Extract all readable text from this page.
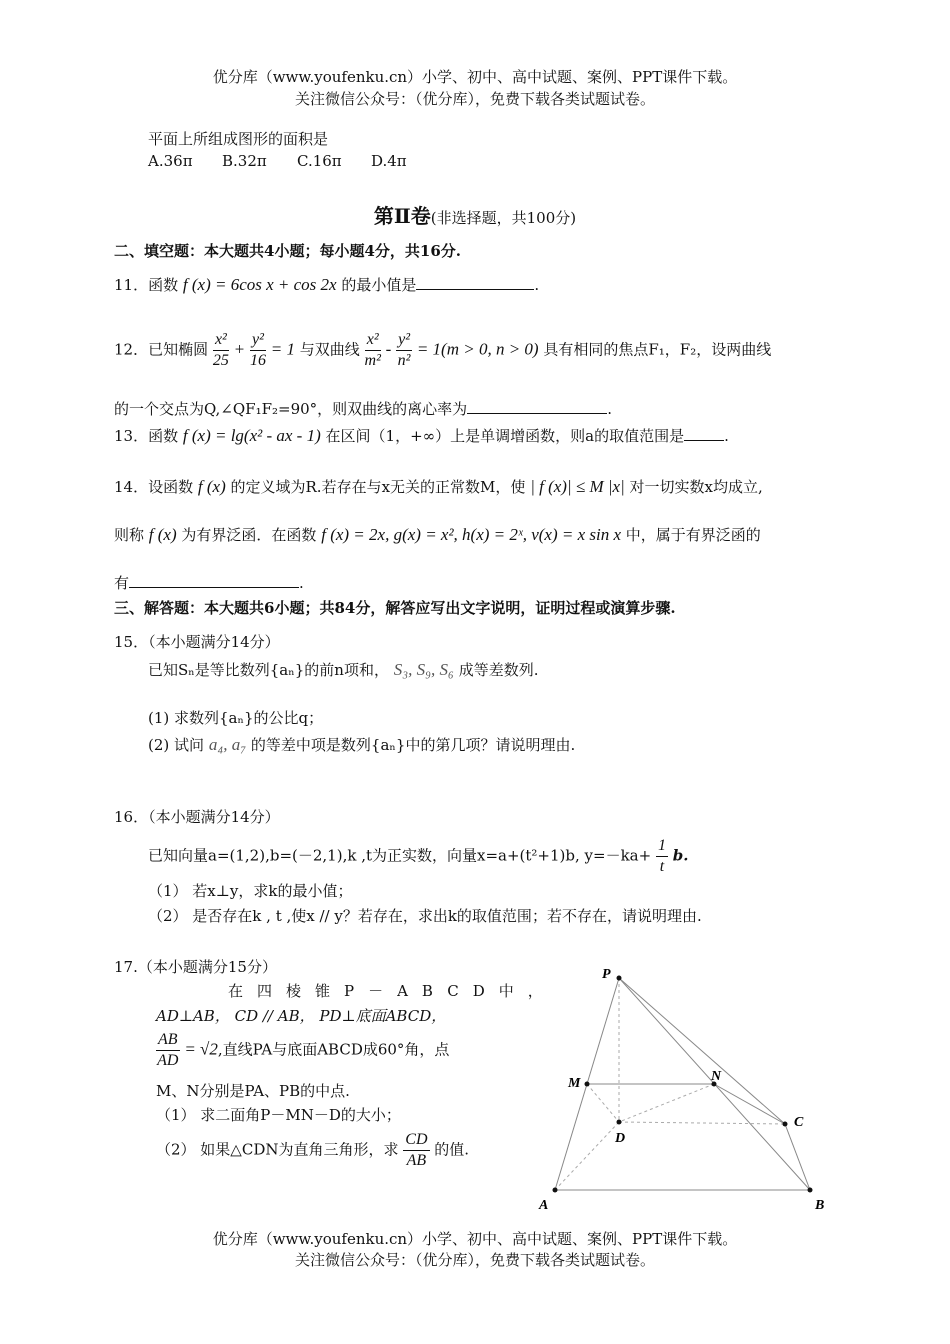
优分库（www.youfenku.cn）小学、初中、高中试题、案例、PPT课件下载。
关注微信公众号：（优分库），免费下载各类试题试卷。
平面上所组成图形的面积是
A.36π B.32π C.16π D.4π
第Ⅱ卷(非选择题，共100分)
二、填空题：本大题共4小题；每小题4分，共16分.
11．函数 f (x) = 6cos x + cos 2x 的最小值是	.
12．已知椭圆 $\frac{\text{x²}}{25} + \frac{\text{y²}}{16} = 1$ 与双曲线 $\frac{\text{x²}}{\text{m²}} - \frac{\text{y²}}{\text{n²}} = 1(m > 0$, n > 0) 具有相同的焦点F₁，F₂，设两曲线
的一个交点为Q,∠QF₁F₂=90°，则双曲线的离心率为	.
13．函数 f (x) = lg(x² - ax - 1) 在区间（1，+∞）上是单调增函数，则a的取值范围是	.
14．设函数 f (x) 的定义域为R.若存在与x无关的正常数M，使 | f (x)| ≤ M |x| 对一切实数x均成立,
则称 f (x) 为有界泛函．在函数 f (x) = 2x, g(x) = x², h(x) = 2ˣ, v(x) = x sin x 中，属于有界泛函的
有	.
三、解答题：本大题共6小题；共84分，解答应写出文字说明，证明过程或演算步骤.
15．（本小题满分14分）
已知Sₙ是等比数列{aₙ}的前n项和， S₃, S₉, S₆ 成等差数列.
(1) 求数列{aₙ}的公比q；
(2) 试问 a₄, a₇ 的等差中项是数列{aₙ}中的第几项？请说明理由.
16．（本小题满分14分）
已知向量a=(1,2),b=(－2,1),k ,t为正实数，向量x=a+(t²+1)b, $y=-ka+ \frac{1}{t} b$.
（1） 若x⊥y，求k的最小值；
（2） 是否存在k , t ,使x // y？若存在，求出k的取值范围；若不存在，请说明理由.
17.（本小题满分15分）
在四棱锥P－ABCD中，
AD⊥AB， CD // AB， PD⊥底面ABCD，
$\frac{AB}{AD} = √2$,直线PA与底面ABCD成60°角，点
M、N分别是PA、PB的中点.
（1） 求二面角P－MN－D的大小；
（2） 如果△CDN为直角三角形，求 $\frac{CD}{AB}$ 的值.
P
M	N
C
D
A	B
优分库（www.youfenku.cn）小学、初中、高中试题、案例、PPT课件下载。
关注微信公众号：（优分库），免费下载各类试题试卷。
